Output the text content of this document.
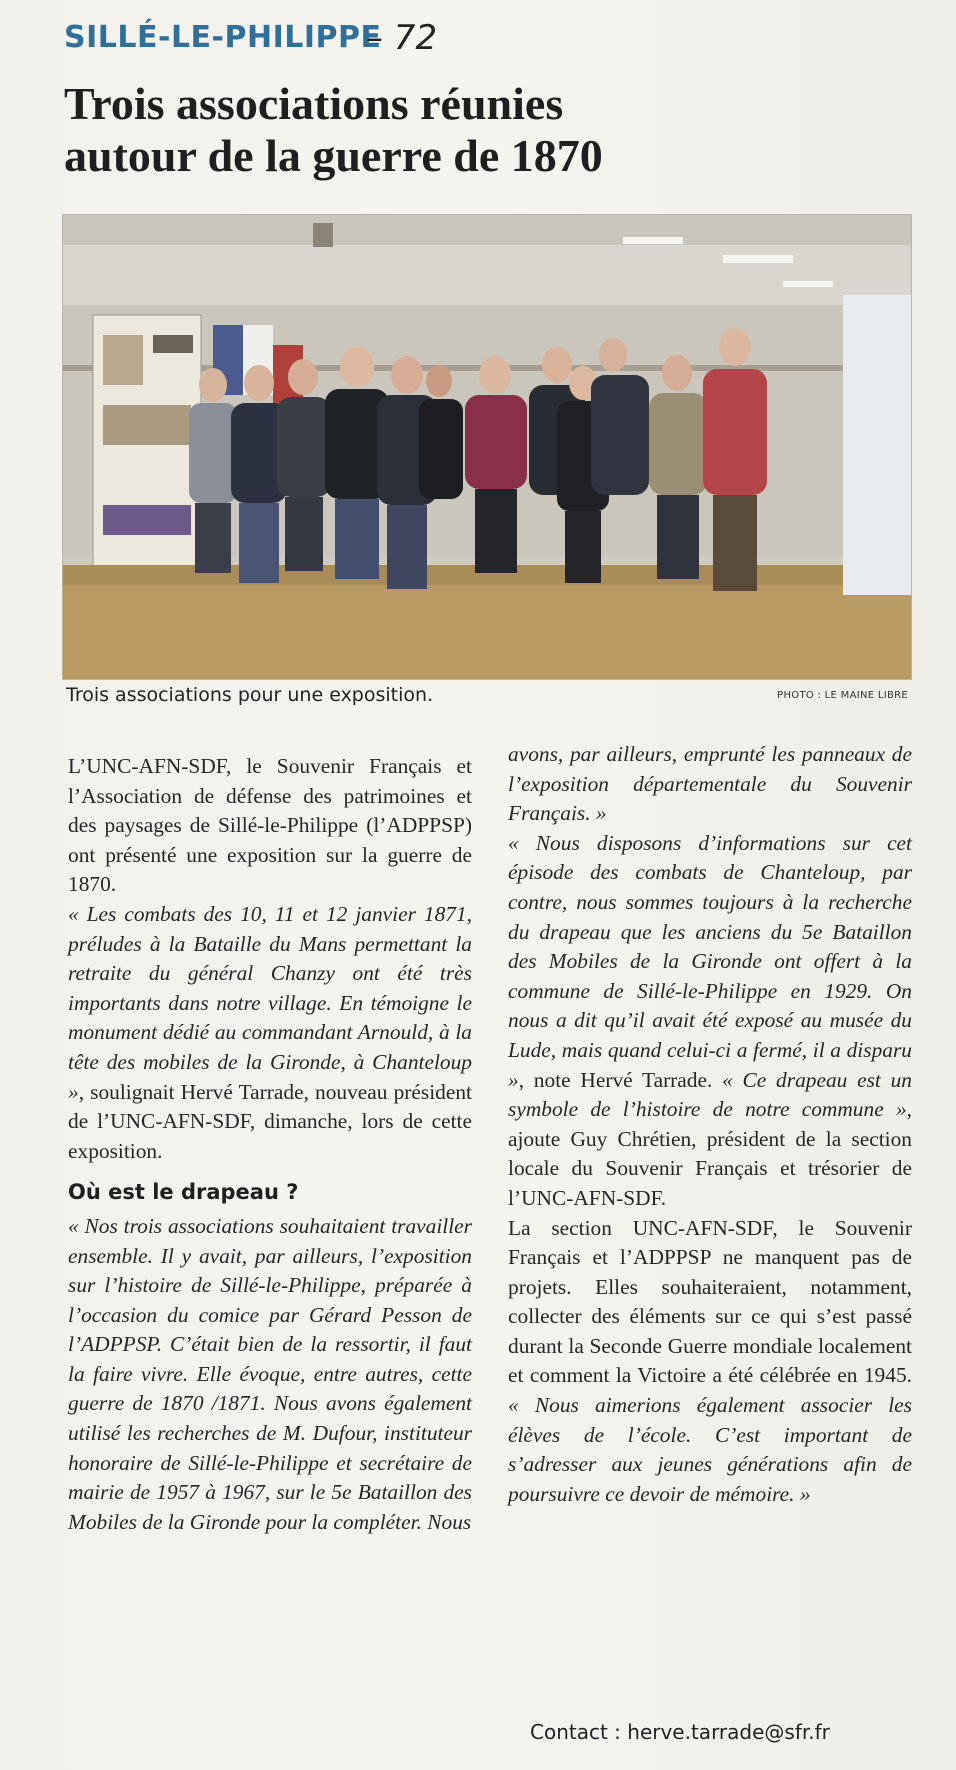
SILLÉ-LE-PHILIPPE
– 72
Trois associations réunies
autour de la guerre de 1870
Trois associations pour une exposition.	PHOTO : LE MAINE LIBRE

L’UNC-AFN-SDF, le Souvenir Français et l’Association de défense des patrimoines et des paysages de Sillé-le-Philippe (l’ADPPSP) ont présenté une exposition sur la guerre de 1870.

« Les combats des 10, 11 et 12 janvier 1871, préludes à la Bataille du Mans permettant la retraite du général Chanzy ont été très importants dans notre village. En témoigne le monument dédié au commandant Arnould, à la tête des mobiles de la Gironde, à Chanteloup », soulignait Hervé Tarrade, nouveau président de l’UNC-AFN-SDF, dimanche, lors de cette exposition.

Où est le drapeau ?

« Nos trois associations souhaitaient travailler ensemble. Il y avait, par ailleurs, l’exposition sur l’histoire de Sillé-le-Philippe, préparée à l’occasion du comice par Gérard Pesson de l’ADPPSP. C’était bien de la ressortir, il faut la faire vivre. Elle évoque, entre autres, cette guerre de 1870 /1871. Nous avons également utilisé les recherches de M. Dufour, instituteur honoraire de Sillé-le-Philippe et secrétaire de mairie de 1957 à 1967, sur le 5e Bataillon des Mobiles de la Gironde pour la compléter. Nous

avons, par ailleurs, emprunté les panneaux de l’exposition départementale du Souvenir Français. »

« Nous disposons d’informations sur cet épisode des combats de Chanteloup, par contre, nous sommes toujours à la recherche du drapeau que les anciens du 5e Bataillon des Mobiles de la Gironde ont offert à la commune de Sillé-le-Philippe en 1929. On nous a dit qu’il avait été exposé au musée du Lude, mais quand celui-ci a fermé, il a disparu », note Hervé Tarrade. « Ce drapeau est un symbole de l’histoire de notre commune », ajoute Guy Chrétien, président de la section locale du Souvenir Français et trésorier de l’UNC-AFN-SDF.

La section UNC-AFN-SDF, le Souvenir Français et l’ADPPSP ne manquent pas de projets. Elles souhaiteraient, notamment, collecter des éléments sur ce qui s’est passé durant la Seconde Guerre mondiale localement et comment la Victoire a été célébrée en 1945. « Nous aimerions également associer les élèves de l’école. C’est important de s’adresser aux jeunes générations afin de poursuivre ce devoir de mémoire. »

Contact : herve.tarrade@sfr.fr
